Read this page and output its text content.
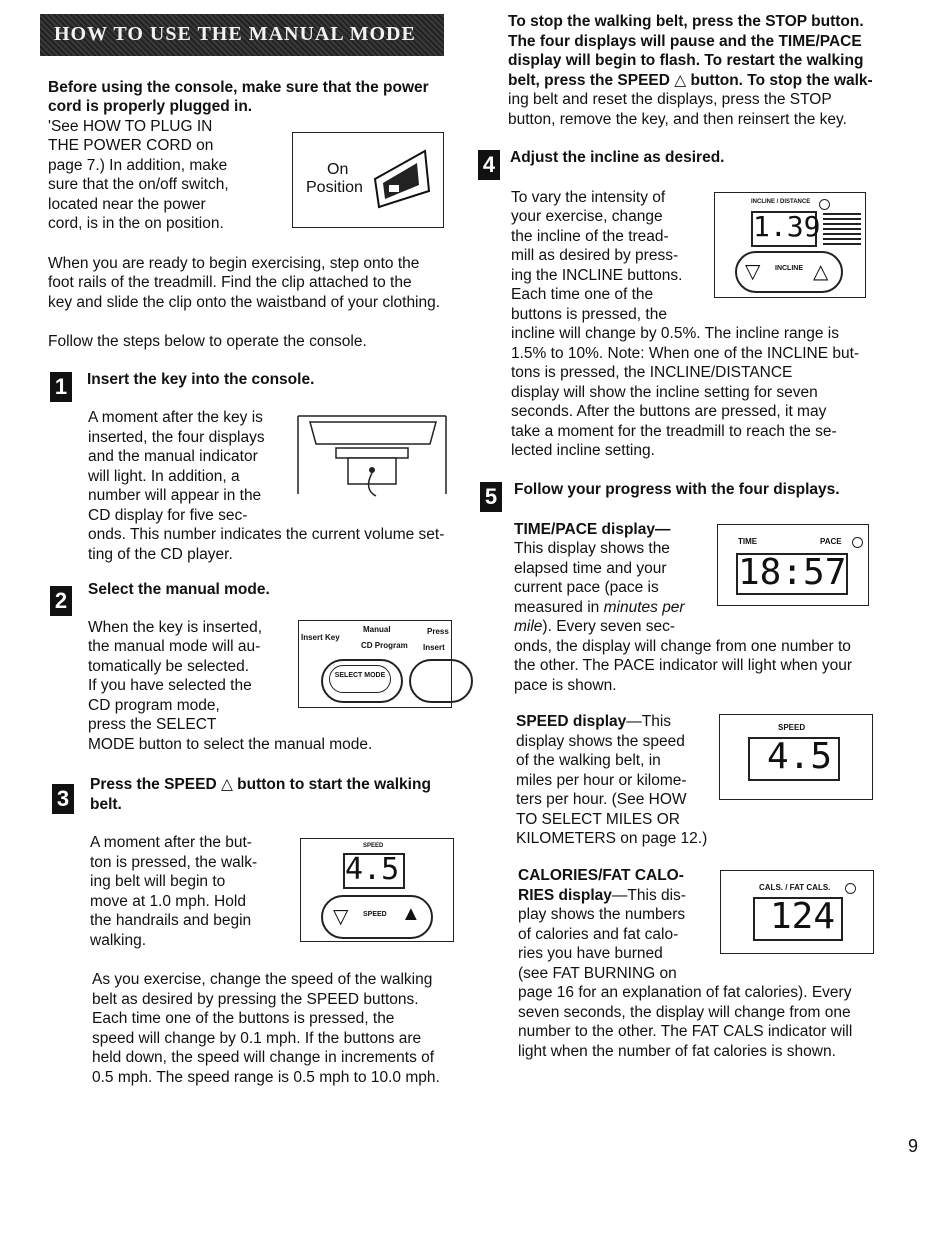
HOW TO USE THE MANUAL MODE

Before using the console, make sure that the power

cord is properly plugged in.

'See HOW TO PLUG IN

THE POWER CORD on

page 7.) In addition, make

sure that the on/off switch,

located near the power

cord, is in the on position.

On
Position

When you are ready to begin exercising, step onto the

foot rails of the treadmill. Find the clip attached to the

key and slide the clip onto the waistband of your clothing.

Follow the steps below to operate the console.

1	Insert the key into the console.

A moment after the key is

inserted, the four displays

and the manual indicator

will light. In addition, a

number will appear in the

CD display for five sec-

onds. This number indicates the current volume set-

ting of the CD player.

2	Select the manual mode.

When the key is inserted,

the manual mode will au-

tomatically be selected.

If you have selected the

CD program mode,

press the SELECT

MODE button to select the manual mode.

Insert Key
Manual
CD Program
Press
Insert
SELECT MODE
3

Press the SPEED △ button to start the walking

belt.

A moment after the but-

ton is pressed, the walk-

ing belt will begin to

move at 1.0 mph. Hold

the handrails and begin

walking.

SPEED
4.5
▽ SPEED ▲

As you exercise, change the speed of the walking

belt as desired by pressing the SPEED buttons.

Each time one of the buttons is pressed, the

speed will change by 0.1 mph. If the buttons are

held down, the speed will change in increments of

0.5 mph. The speed range is 0.5 mph to 10.0 mph.

To stop the walking belt, press the STOP button.

The four displays will pause and the TIME/PACE

display will begin to flash. To restart the walking

belt, press the SPEED △ button. To stop the walk-

ing belt and reset the displays, press the STOP

button, remove the key, and then reinsert the key.

4 Adjust the incline as desired.

To vary the intensity of

your exercise, change

the incline of the tread-

mill as desired by press-

ing the INCLINE buttons.

Each time one of the

buttons is pressed, the

incline will change by 0.5%. The incline range is

1.5% to 10%. Note: When one of the INCLINE but-

tons is pressed, the INCLINE/DISTANCE

display will show the incline setting for seven

seconds. After the buttons are pressed, it may

take a moment for the treadmill to reach the se-

lected incline setting.

INCLINE / DISTANCE
1.39
▽ INCLINE △
5	Follow your progress with the four displays.

TIME/PACE display—

This display shows the

elapsed time and your

current pace (pace is

measured in minutes per

mile). Every seven sec-

onds, the display will change from one number to

the other. The PACE indicator will light when your

pace is shown.

TIME	PACE
18:57

SPEED display—This

display shows the speed

of the walking belt, in

miles per hour or kilome-

ters per hour. (See HOW

TO SELECT MILES OR

KILOMETERS on page 12.)

SPEED
4.5

CALORIES/FAT CALO-

RIES display—This dis-

play shows the numbers

of calories and fat calo-

ries you have burned

(see FAT BURNING on

page 16 for an explanation of fat calories). Every

seven seconds, the display will change from one

number to the other. The FAT CALS indicator will

light when the number of fat calories is shown.

CALS. / FAT CALS.
124
9
